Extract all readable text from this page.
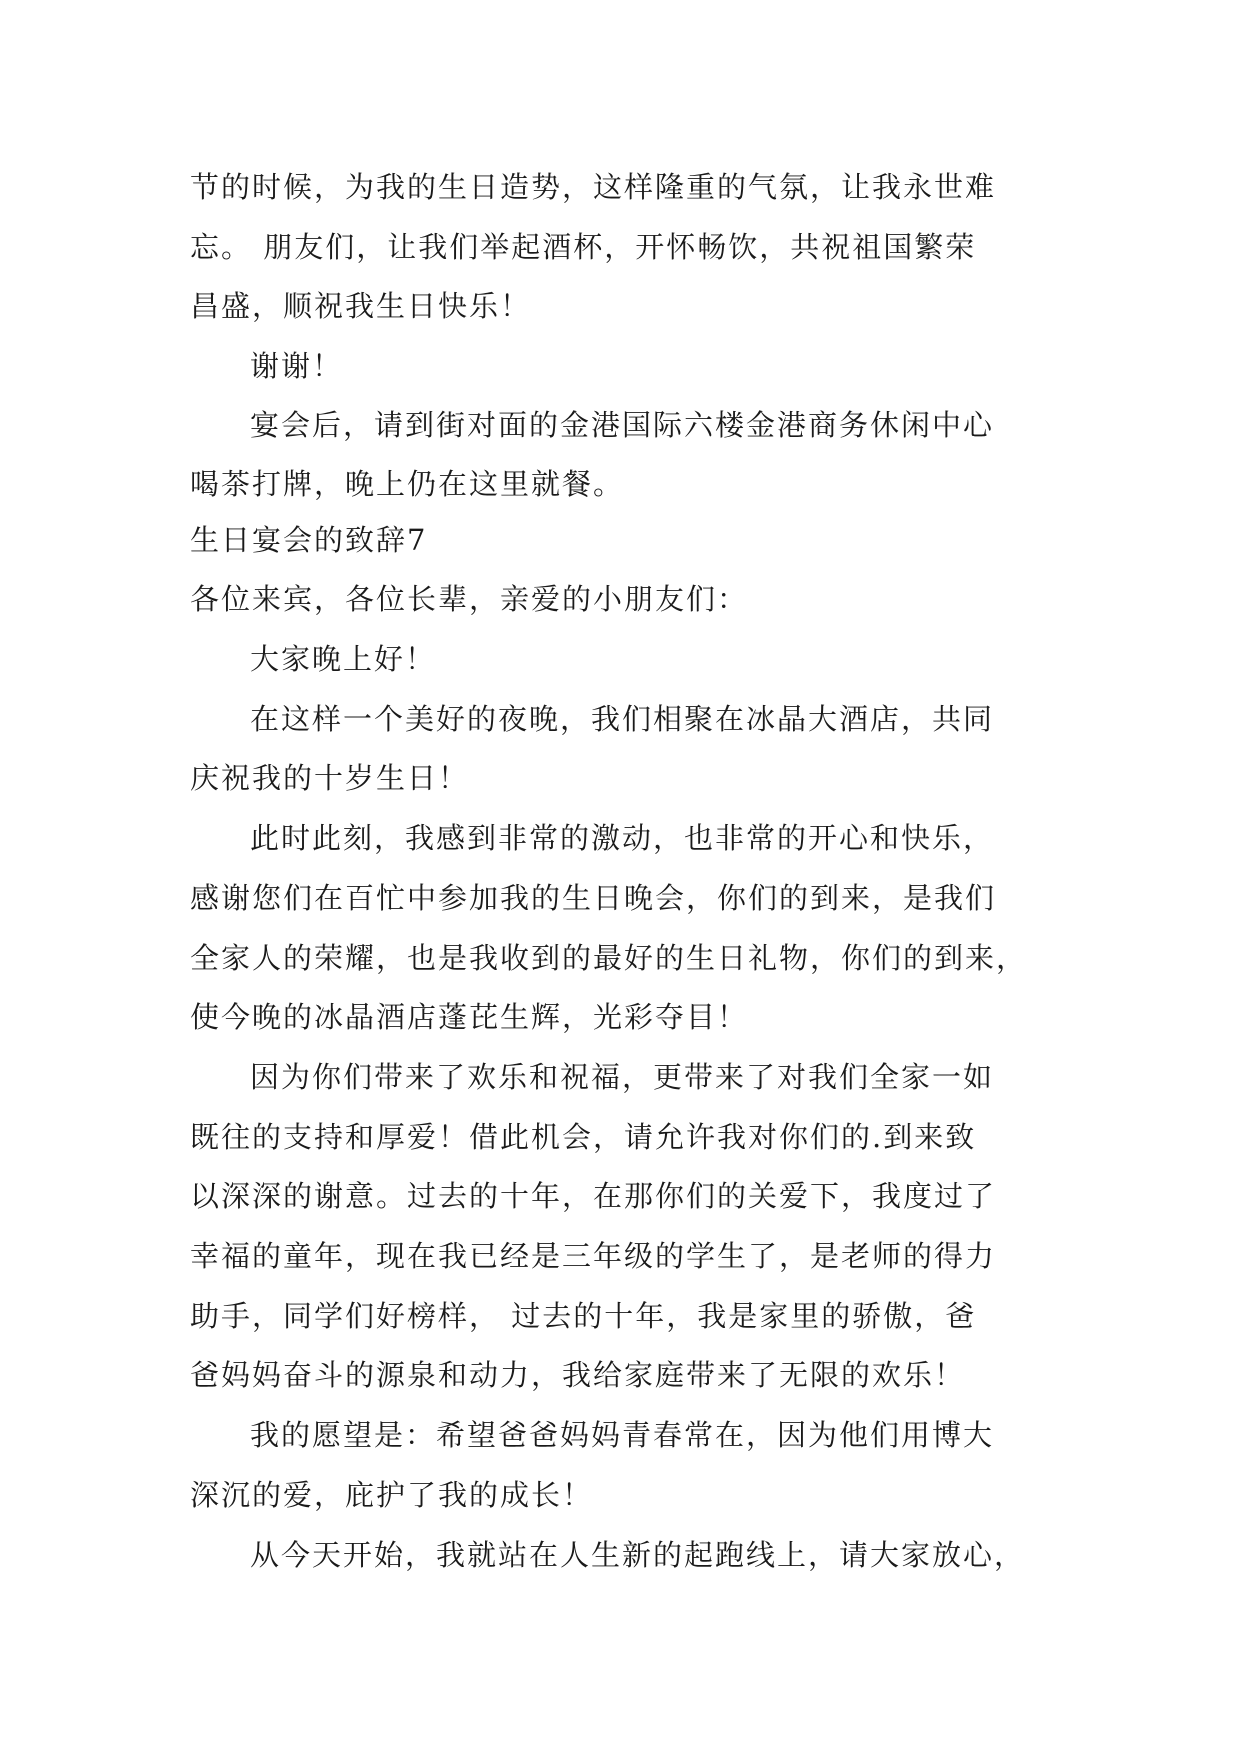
节的时候，为我的生日造势，这样隆重的气氛，让我永世难
忘。 朋友们，让我们举起酒杯，开怀畅饮，共祝祖国繁荣
昌盛，顺祝我生日快乐！
谢谢！
宴会后，请到街对面的金港国际六楼金港商务休闲中心
喝茶打牌，晚上仍在这里就餐。
生日宴会的致辞7
各位来宾，各位长辈，亲爱的小朋友们：
大家晚上好！
在这样一个美好的夜晚，我们相聚在冰晶大酒店，共同
庆祝我的十岁生日！
此时此刻，我感到非常的激动，也非常的开心和快乐，
感谢您们在百忙中参加我的生日晚会，你们的到来，是我们
全家人的荣耀，也是我收到的最好的生日礼物，你们的到来，
使今晚的冰晶酒店蓬芘生辉，光彩夺目！
因为你们带来了欢乐和祝福，更带来了对我们全家一如
既往的支持和厚爱！借此机会，请允许我对你们的.到来致
以深深的谢意。过去的十年，在那你们的关爱下，我度过了
幸福的童年，现在我已经是三年级的学生了，是老师的得力
助手，同学们好榜样， 过去的十年，我是家里的骄傲，爸
爸妈妈奋斗的源泉和动力，我给家庭带来了无限的欢乐！
我的愿望是：希望爸爸妈妈青春常在，因为他们用博大
深沉的爱，庇护了我的成长！
从今天开始，我就站在人生新的起跑线上，请大家放心，
